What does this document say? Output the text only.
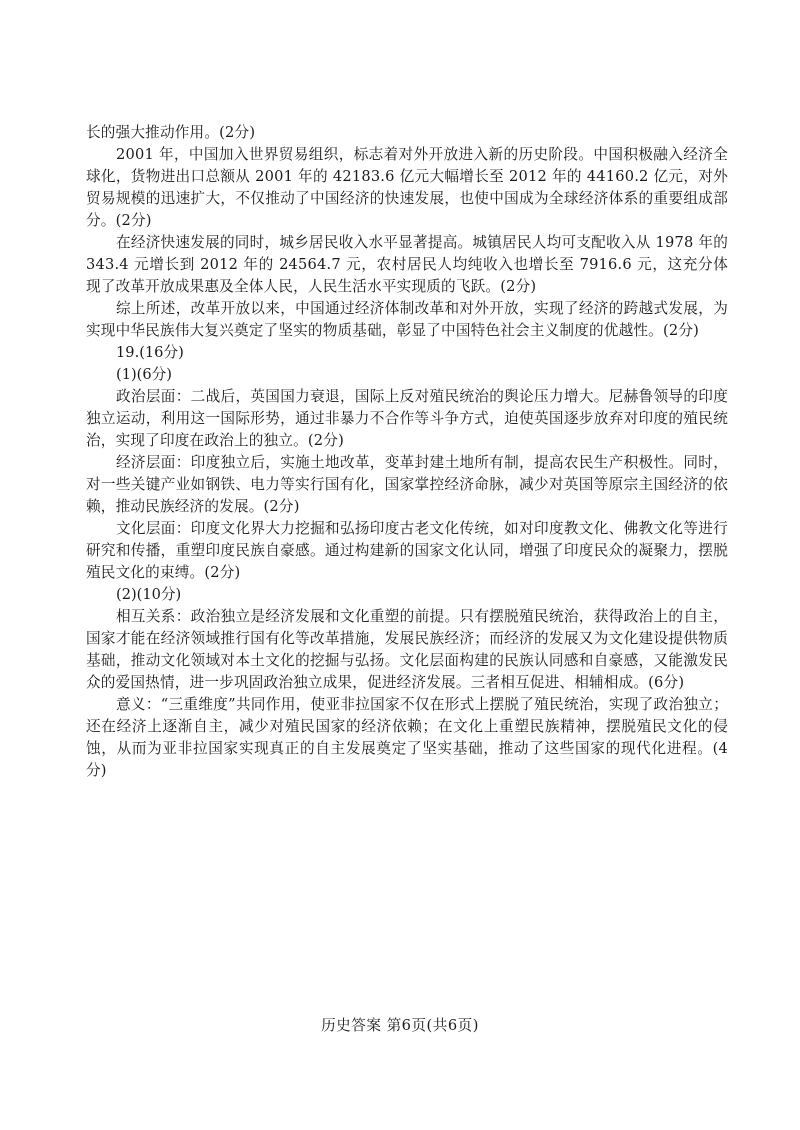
长的强大推动作用。(2分)

2001 年，中国加入世界贸易组织，标志着对外开放进入新的历史阶段。中国积极融入经济全球化，货物进出口总额从 2001 年的 42183.6 亿元大幅增长至 2012 年的 44160.2 亿元，对外贸易规模的迅速扩大，不仅推动了中国经济的快速发展，也使中国成为全球经济体系的重要组成部分。(2分)

在经济快速发展的同时，城乡居民收入水平显著提高。城镇居民人均可支配收入从 1978 年的 343.4 元增长到 2012 年的 24564.7 元，农村居民人均纯收入也增长至 7916.6 元，这充分体现了改革开放成果惠及全体人民，人民生活水平实现质的飞跃。(2分)

综上所述，改革开放以来，中国通过经济体制改革和对外开放，实现了经济的跨越式发展，为实现中华民族伟大复兴奠定了坚实的物质基础，彰显了中国特色社会主义制度的优越性。(2分)

19.(16分)

(1)(6分)

政治层面：二战后，英国国力衰退，国际上反对殖民统治的舆论压力增大。尼赫鲁领导的印度独立运动，利用这一国际形势，通过非暴力不合作等斗争方式，迫使英国逐步放弃对印度的殖民统治，实现了印度在政治上的独立。(2分)

经济层面：印度独立后，实施土地改革，变革封建土地所有制，提高农民生产积极性。同时，对一些关键产业如钢铁、电力等实行国有化，国家掌控经济命脉，减少对英国等原宗主国经济的依赖，推动民族经济的发展。(2分)

文化层面：印度文化界大力挖掘和弘扬印度古老文化传统，如对印度教文化、佛教文化等进行研究和传播，重塑印度民族自豪感。通过构建新的国家文化认同，增强了印度民众的凝聚力，摆脱殖民文化的束缚。(2分)

(2)(10分)

相互关系：政治独立是经济发展和文化重塑的前提。只有摆脱殖民统治，获得政治上的自主，国家才能在经济领域推行国有化等改革措施，发展民族经济；而经济的发展又为文化建设提供物质基础，推动文化领域对本土文化的挖掘与弘扬。文化层面构建的民族认同感和自豪感，又能激发民众的爱国热情，进一步巩固政治独立成果，促进经济发展。三者相互促进、相辅相成。(6分)

意义：“三重维度”共同作用，使亚非拉国家不仅在形式上摆脱了殖民统治，实现了政治独立；还在经济上逐渐自主，减少对殖民国家的经济依赖；在文化上重塑民族精神，摆脱殖民文化的侵蚀，从而为亚非拉国家实现真正的自主发展奠定了坚实基础，推动了这些国家的现代化进程。(4分)

历史答案 第6页(共6页)
